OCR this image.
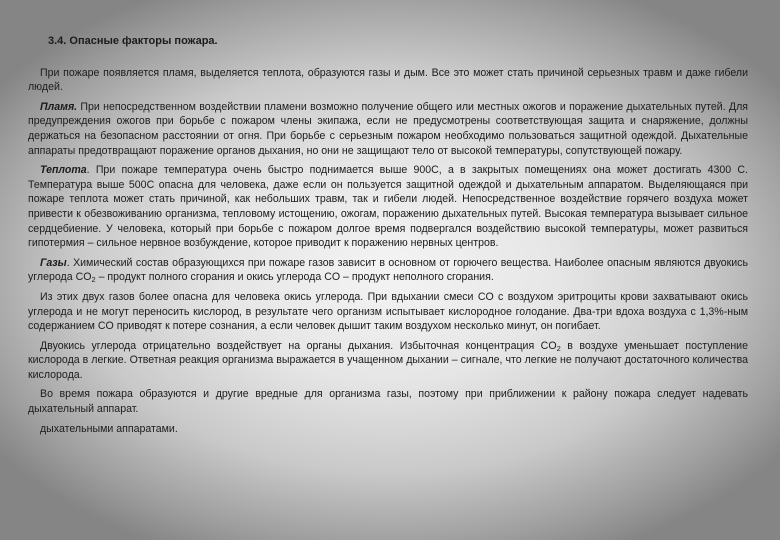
3.4. Опасные факторы пожара.

При пожаре появляется пламя, выделяется теплота, образуются газы и дым. Все это может стать причиной серьезных травм и даже гибели людей.

Пламя. При непосредственном воздействии пламени возможно получение общего или местных ожогов и поражение дыхательных путей. Для предупреждения ожогов при борьбе с пожаром члены экипажа, если не предусмотрены соответствующая защита и снаряжение, должны держаться на безопасном расстоянии от огня. При борьбе с серьезным пожаром необходимо пользоваться защитной одеждой. Дыхательные аппараты предотвращают поражение органов дыхания, но они не защищают тело от высокой температуры, сопутствующей пожару.

Теплота. При пожаре температура очень быстро поднимается выше 900С, а в закрытых помещениях она может достигать 4300 С. Температура выше 500С опасна для человека, даже если он пользуется защитной одеждой и дыхательным аппаратом. Выделяющаяся при пожаре теплота может стать причиной, как небольших травм, так и гибели людей. Непосредственное воздействие горячего воздуха может привести к обезвоживанию организма, тепловому истощению, ожогам, поражению дыхательных путей. Высокая температура вызывает сильное сердцебиение. У человека, который при борьбе с пожаром долгое время подвергался воздействию высокой температуры, может развиться гипотермия – сильное нервное возбуждение, которое приводит к поражению нервных центров.

Газы. Химический состав образующихся при пожаре газов зависит в основном от горючего вещества. Наиболее опасным являются двуокись углерода $CO_2$ – продукт полного сгорания и окись углерода CO – продукт неполного сгорания.

Из этих двух газов более опасна для человека окись углерода. При вдыхании смеси CO с воздухом эритроциты крови захватывают окись углерода и не могут переносить кислород, в результате чего организм испытывает кислородное голодание. Два-три вдоха воздуха с 1,3%-ным содержанием CO приводят к потере сознания, а если человек дышит таким воздухом несколько минут, он погибает.

Двуокись углерода отрицательно воздействует на органы дыхания. Избыточная концентрация $CO_2$ в воздухе уменьшает поступление кислорода в легкие. Ответная реакция организма выражается в учащенном дыхании – сигнале, что легкие не получают достаточного количества кислорода.

Во время пожара образуются и другие вредные для организма газы, поэтому при приближении к району пожара следует надевать дыхательный аппарат.

дыхательными аппаратами.
